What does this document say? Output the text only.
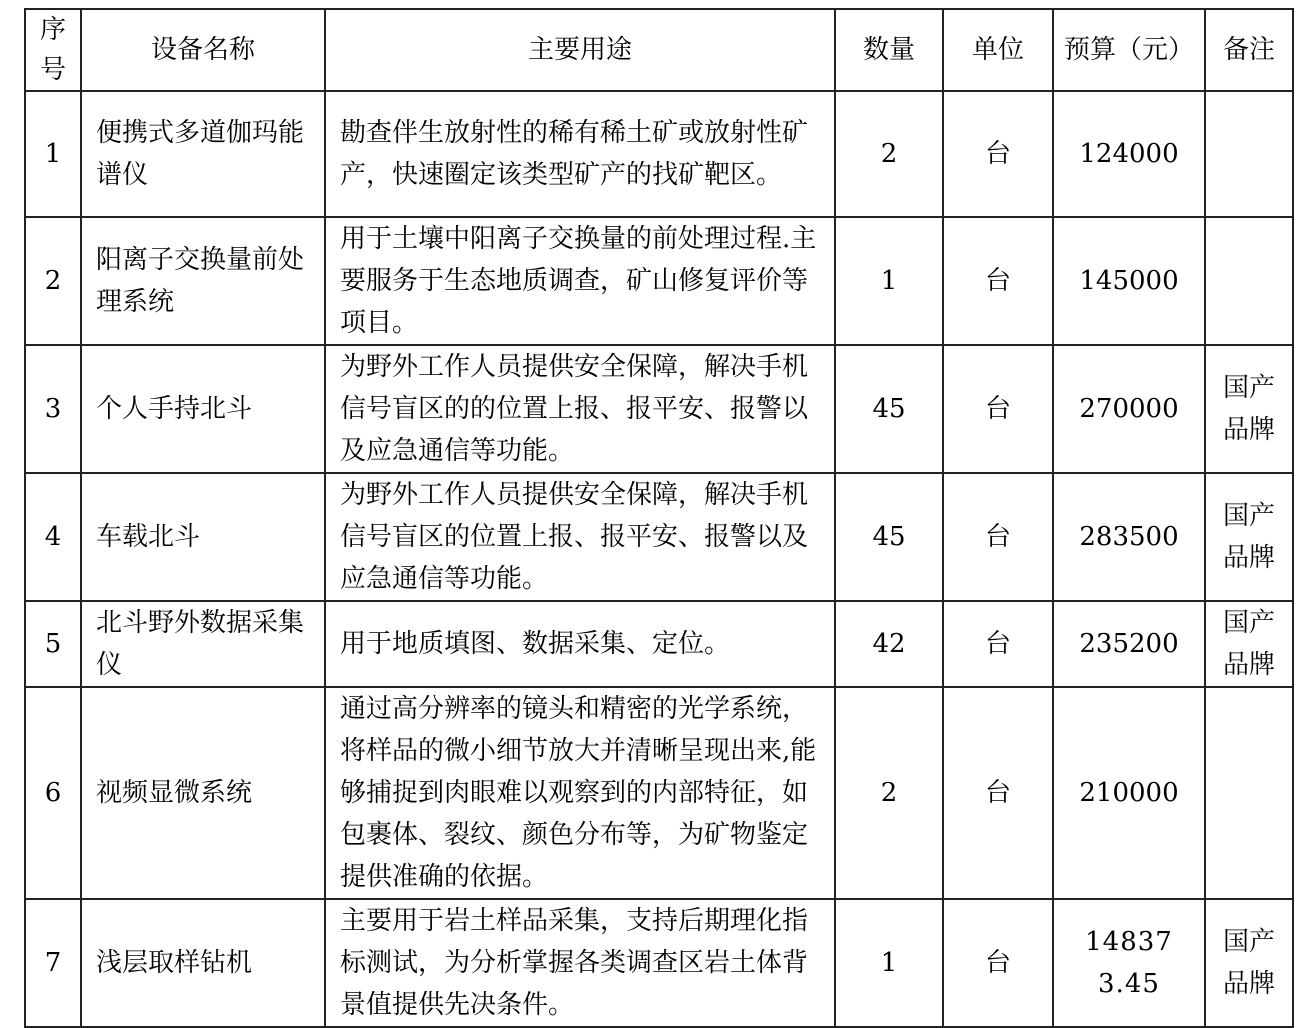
序号	设备名称	主要用途	数量	单位	预算（元）	备注
1	便携式多道伽玛能谱仪	勘查伴生放射性的稀有稀土矿或放射性矿产，快速圈定该类型矿产的找矿靶区。	2	台	124000	
2	阳离子交换量前处理系统	用于土壤中阳离子交换量的前处理过程.主要服务于生态地质调查，矿山修复评价等项目。	1	台	145000	
3	个人手持北斗	为野外工作人员提供安全保障，解决手机信号盲区的的位置上报、报平安、报警以及应急通信等功能。	45	台	270000	国产品牌
4	车载北斗	为野外工作人员提供安全保障，解决手机信号盲区的位置上报、报平安、报警以及应急通信等功能。	45	台	283500	国产品牌
5	北斗野外数据采集仪	用于地质填图、数据采集、定位。	42	台	235200	国产品牌
6	视频显微系统	通过高分辨率的镜头和精密的光学系统，将样品的微小细节放大并清晰呈现出来,能够捕捉到肉眼难以观察到的内部特征，如包裹体、裂纹、颜色分布等，为矿物鉴定提供准确的依据。	2	台	210000	
7	浅层取样钻机	主要用于岩土样品采集，支持后期理化指标测试，为分析掌握各类调查区岩土体背景值提供先决条件。	1	台	148373.45	国产品牌
